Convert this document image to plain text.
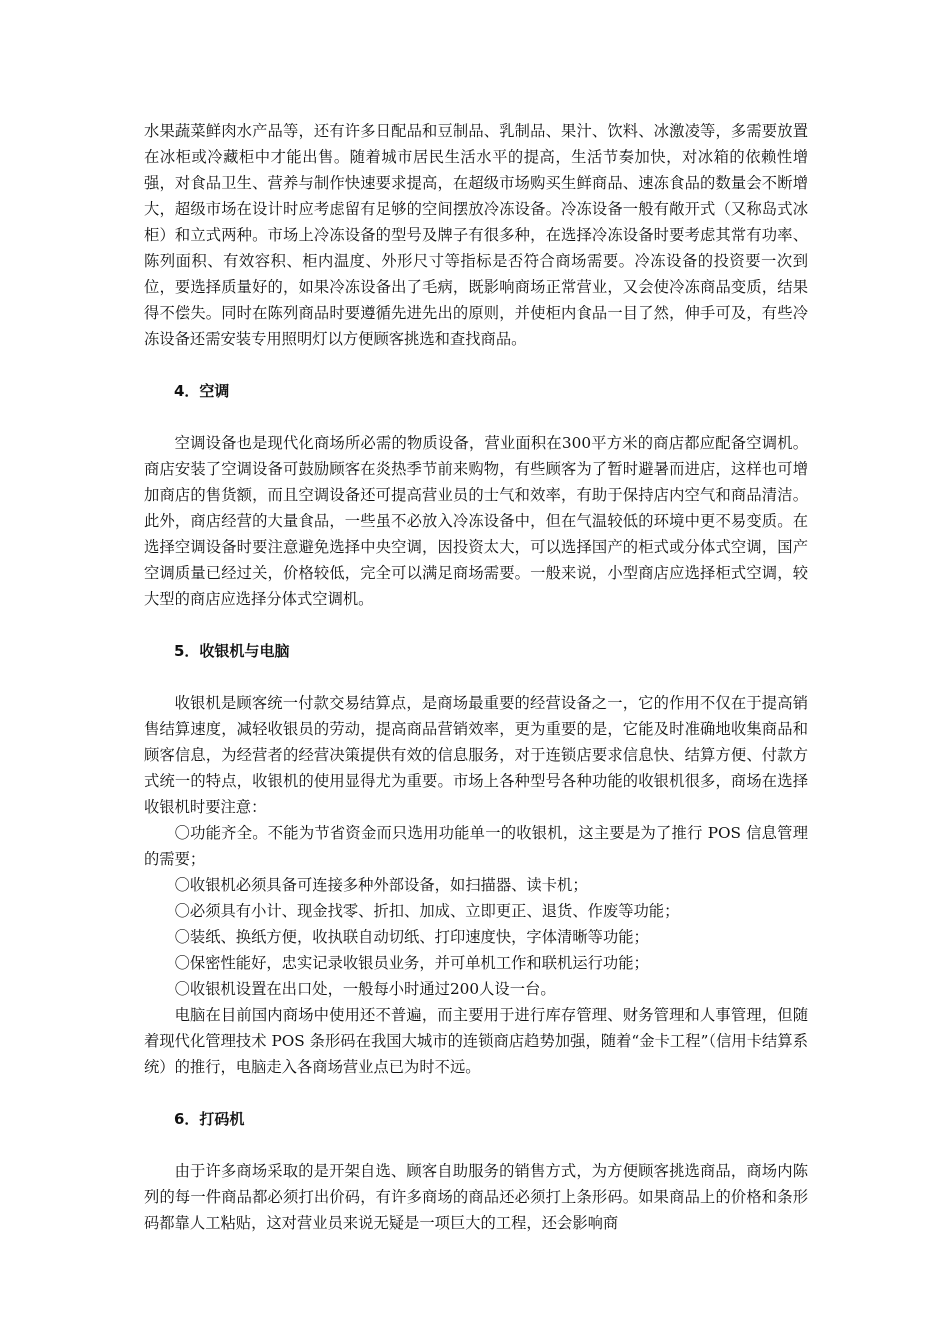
水果蔬菜鲜肉水产品等，还有许多日配品和豆制品、乳制品、果汁、饮料、冰激凌等，多需要放置在冰柜或冷藏柜中才能出售。随着城市居民生活水平的提高，生活节奏加快，对冰箱的依赖性增强，对食品卫生、营养与制作快速要求提高，在超级市场购买生鲜商品、速冻食品的数量会不断增大，超级市场在设计时应考虑留有足够的空间摆放冷冻设备。冷冻设备一般有敞开式（又称岛式冰柜）和立式两种。市场上冷冻设备的型号及牌子有很多种，在选择冷冻设备时要考虑其常有功率、陈列面积、有效容积、柜内温度、外形尺寸等指标是否符合商场需要。冷冻设备的投资要一次到位，要选择质量好的，如果冷冻设备出了毛病，既影响商场正常营业，又会使冷冻商品变质，结果得不偿失。同时在陈列商品时要遵循先进先出的原则，并使柜内食品一目了然，伸手可及，有些冷冻设备还需安装专用照明灯以方便顾客挑选和查找商品。

4．空调

空调设备也是现代化商场所必需的物质设备，营业面积在300平方米的商店都应配备空调机。商店安装了空调设备可鼓励顾客在炎热季节前来购物，有些顾客为了暂时避暑而进店，这样也可增加商店的售货额，而且空调设备还可提高营业员的士气和效率，有助于保持店内空气和商品清洁。此外，商店经营的大量食品，一些虽不必放入冷冻设备中，但在气温较低的环境中更不易变质。在选择空调设备时要注意避免选择中央空调，因投资太大，可以选择国产的柜式或分体式空调，国产空调质量已经过关，价格较低，完全可以满足商场需要。一般来说，小型商店应选择柜式空调，较大型的商店应选择分体式空调机。

5．收银机与电脑

收银机是顾客统一付款交易结算点，是商场最重要的经营设备之一，它的作用不仅在于提高销售结算速度，减轻收银员的劳动，提高商品营销效率，更为重要的是，它能及时准确地收集商品和顾客信息，为经营者的经营决策提供有效的信息服务，对于连锁店要求信息快、结算方便、付款方式统一的特点，收银机的使用显得尤为重要。市场上各种型号各种功能的收银机很多，商场在选择收银机时要注意：

〇功能齐全。不能为节省资金而只选用功能单一的收银机，这主要是为了推行 POS 信息管理的需要；

〇收银机必须具备可连接多种外部设备，如扫描器、读卡机；

〇必须具有小计、现金找零、折扣、加成、立即更正、退货、作废等功能；

〇装纸、换纸方便，收执联自动切纸、打印速度快，字体清晰等功能；

〇保密性能好，忠实记录收银员业务，并可单机工作和联机运行功能；

〇收银机设置在出口处，一般每小时通过200人设一台。

电脑在目前国内商场中使用还不普遍，而主要用于进行库存管理、财务管理和人事管理，但随着现代化管理技术 POS 条形码在我国大城市的连锁商店趋势加强，随着“金卡工程”（信用卡结算系统）的推行，电脑走入各商场营业点已为时不远。

6．打码机

由于许多商场采取的是开架自选、顾客自助服务的销售方式，为方便顾客挑选商品，商场内陈列的每一件商品都必须打出价码，有许多商场的商品还必须打上条形码。如果商品上的价格和条形码都靠人工粘贴，这对营业员来说无疑是一项巨大的工程，还会影响商
